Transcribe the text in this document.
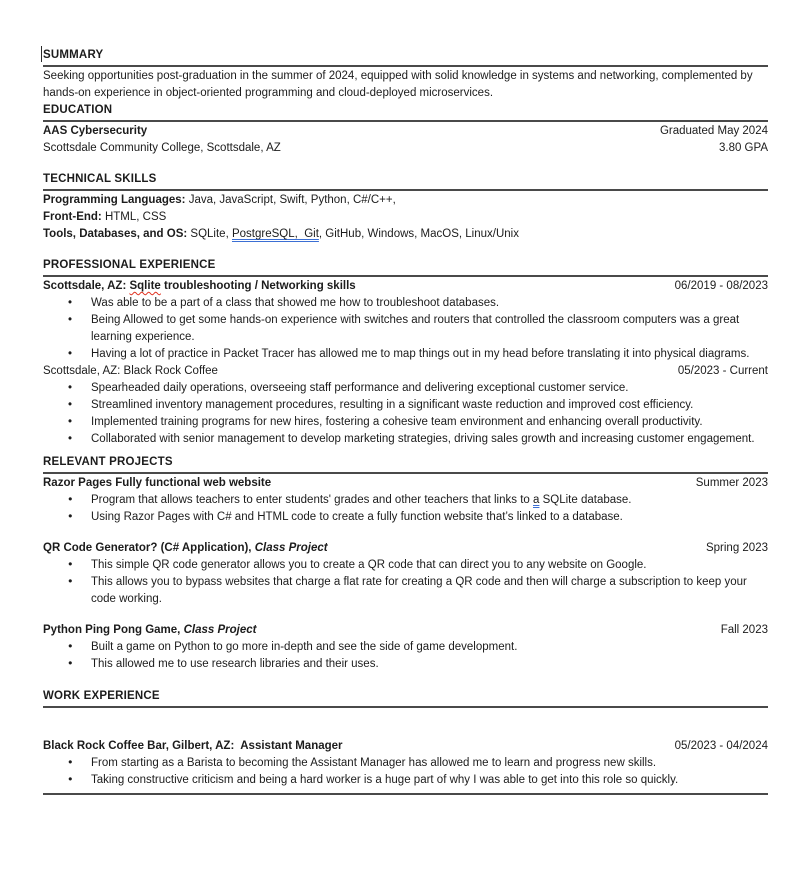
SUMMARY

Seeking opportunities post-graduation in the summer of 2024, equipped with solid knowledge in systems and networking, complemented by hands-on experience in object-oriented programming and cloud-deployed microservices.

EDUCATION
AAS Cybersecurity	Graduated May 2024
Scottsdale Community College, Scottsdale, AZ	3.80 GPA
TECHNICAL SKILLS
Programming Languages: Java, JavaScript, Swift, Python, C#/C++,
Front-End: HTML, CSS
Tools, Databases, and OS: SQLite, PostgreSQL,  Git, GitHub, Windows, MacOS, Linux/Unix
PROFESSIONAL EXPERIENCE
Scottsdale, AZ: Sqlite troubleshooting / Networking skills	06/2019 - 08/2023
•
Was able to be a part of a class that showed me how to troubleshoot databases.
•
Being Allowed to get some hands-on experience with switches and routers that controlled the classroom computers was a great learning experience.
•
Having a lot of practice in Packet Tracer has allowed me to map things out in my head before translating it into physical diagrams.
Scottsdale, AZ: Black Rock Coffee	05/2023 - Current
•
Spearheaded daily operations, overseeing staff performance and delivering exceptional customer service.
•
Streamlined inventory management procedures, resulting in a significant waste reduction and improved cost efficiency.
•
Implemented training programs for new hires, fostering a cohesive team environment and enhancing overall productivity.
•
Collaborated with senior management to develop marketing strategies, driving sales growth and increasing customer engagement.
RELEVANT PROJECTS
Razor Pages Fully functional web website	Summer 2023
●
Program that allows teachers to enter students' grades and other teachers that links to a SQLite database.
●
Using Razor Pages with C# and HTML code to create a fully function website that’s linked to a database.
QR Code Generator? (C# Application), Class Project	Spring 2023
●
This simple QR code generator allows you to create a QR code that can direct you to any website on Google.
●
This allows you to bypass websites that charge a flat rate for creating a QR code and then will charge a subscription to keep your code working.
Python Ping Pong Game, Class Project	Fall 2023
●
Built a game on Python to go more in-depth and see the side of game development.
●
This allowed me to use research libraries and their uses.
WORK EXPERIENCE
Black Rock Coffee Bar, Gilbert, AZ:  Assistant Manager	05/2023 - 04/2024
●
From starting as a Barista to becoming the Assistant Manager has allowed me to learn and progress new skills.
●
Taking constructive criticism and being a hard worker is a huge part of why I was able to get into this role so quickly.
